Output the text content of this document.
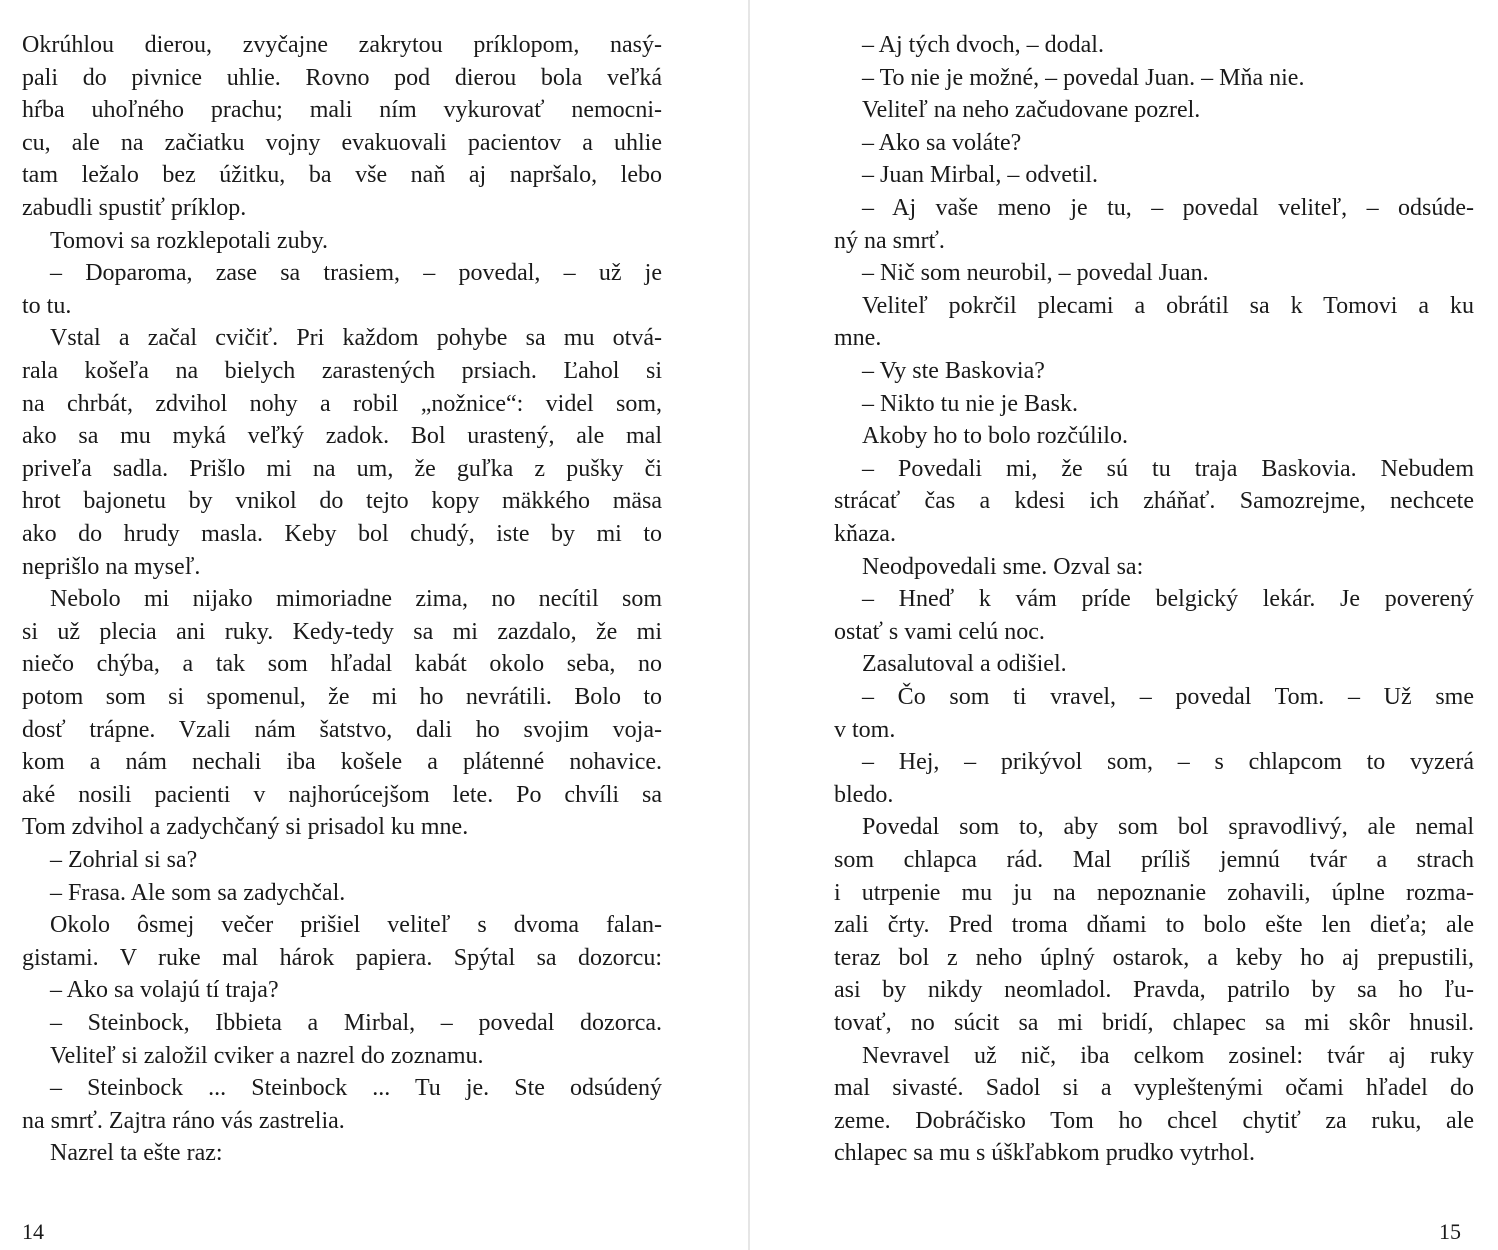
Okrúhlou dierou, zvyčajne zakrytou príklopom, nasý-
pali do pivnice uhlie. Rovno pod dierou bola veľká
hŕba uhoľného prachu; mali ním vykurovať nemocni-
cu, ale na začiatku vojny evakuovali pacientov a uhlie
tam ležalo bez úžitku, ba vše naň aj napršalo, lebo
zabudli spustiť príklop.
Tomovi sa rozklepotali zuby.
– Doparoma, zase sa trasiem, – povedal, – už je
to tu.
Vstal a začal cvičiť. Pri každom pohybe sa mu otvá-
rala košeľa na bielych zarastených prsiach. Ľahol si
na chrbát, zdvihol nohy a robil „nožnice“: videl som,
ako sa mu myká veľký zadok. Bol urastený, ale mal
priveľa sadla. Prišlo mi na um, že guľka z pušky či
hrot bajonetu by vnikol do tejto kopy mäkkého mäsa
ako do hrudy masla. Keby bol chudý, iste by mi to
neprišlo na myseľ.
Nebolo mi nijako mimoriadne zima, no necítil som
si už plecia ani ruky. Kedy-tedy sa mi zazdalo, že mi
niečo chýba, a tak som hľadal kabát okolo seba, no
potom som si spomenul, že mi ho nevrátili. Bolo to
dosť trápne. Vzali nám šatstvo, dali ho svojim voja-
kom a nám nechali iba košele a plátenné nohavice.
aké nosili pacienti v najhorúcejšom lete. Po chvíli sa
Tom zdvihol a zadychčaný si prisadol ku mne.
– Zohrial si sa?
– Frasa. Ale som sa zadychčal.
Okolo ôsmej večer prišiel veliteľ s dvoma falan-
gistami. V ruke mal hárok papiera. Spýtal sa dozorcu:
– Ako sa volajú tí traja?
– Steinbock, Ibbieta a Mirbal, – povedal dozorca.
Veliteľ si založil cviker a nazrel do zoznamu.
– Steinbock ... Steinbock ... Tu je. Ste odsúdený
na smrť. Zajtra ráno vás zastrelia.
Nazrel ta ešte raz:
14
– Aj tých dvoch, – dodal.
– To nie je možné, – povedal Juan. – Mňa nie.
Veliteľ na neho začudovane pozrel.
– Ako sa voláte?
– Juan Mirbal, – odvetil.
– Aj vaše meno je tu, – povedal veliteľ, – odsúde-
ný na smrť.
– Nič som neurobil, – povedal Juan.
Veliteľ pokrčil plecami a obrátil sa k Tomovi a ku
mne.
– Vy ste Baskovia?
– Nikto tu nie je Bask.
Akoby ho to bolo rozčúlilo.
– Povedali mi, že sú tu traja Baskovia. Nebudem
strácať čas a kdesi ich zháňať. Samozrejme, nechcete
kňaza.
Neodpovedali sme. Ozval sa:
– Hneď k vám príde belgický lekár. Je poverený
ostať s vami celú noc.
Zasalutoval a odišiel.
– Čo som ti vravel, – povedal Tom. – Už sme
v tom.
– Hej, – prikývol som, – s chlapcom to vyzerá
bledo.
Povedal som to, aby som bol spravodlivý, ale nemal
som chlapca rád. Mal príliš jemnú tvár a strach
i utrpenie mu ju na nepoznanie zohavili, úplne rozma-
zali črty. Pred troma dňami to bolo ešte len dieťa; ale
teraz bol z neho úplný ostarok, a keby ho aj prepustili,
asi by nikdy neomladol. Pravda, patrilo by sa ho ľu-
tovať, no súcit sa mi bridí, chlapec sa mi skôr hnusil.
Nevravel už nič, iba celkom zosinel: tvár aj ruky
mal sivasté. Sadol si a vypleštenými očami hľadel do
zeme. Dobráčisko Tom ho chcel chytiť za ruku, ale
chlapec sa mu s úškľabkom prudko vytrhol.
15
